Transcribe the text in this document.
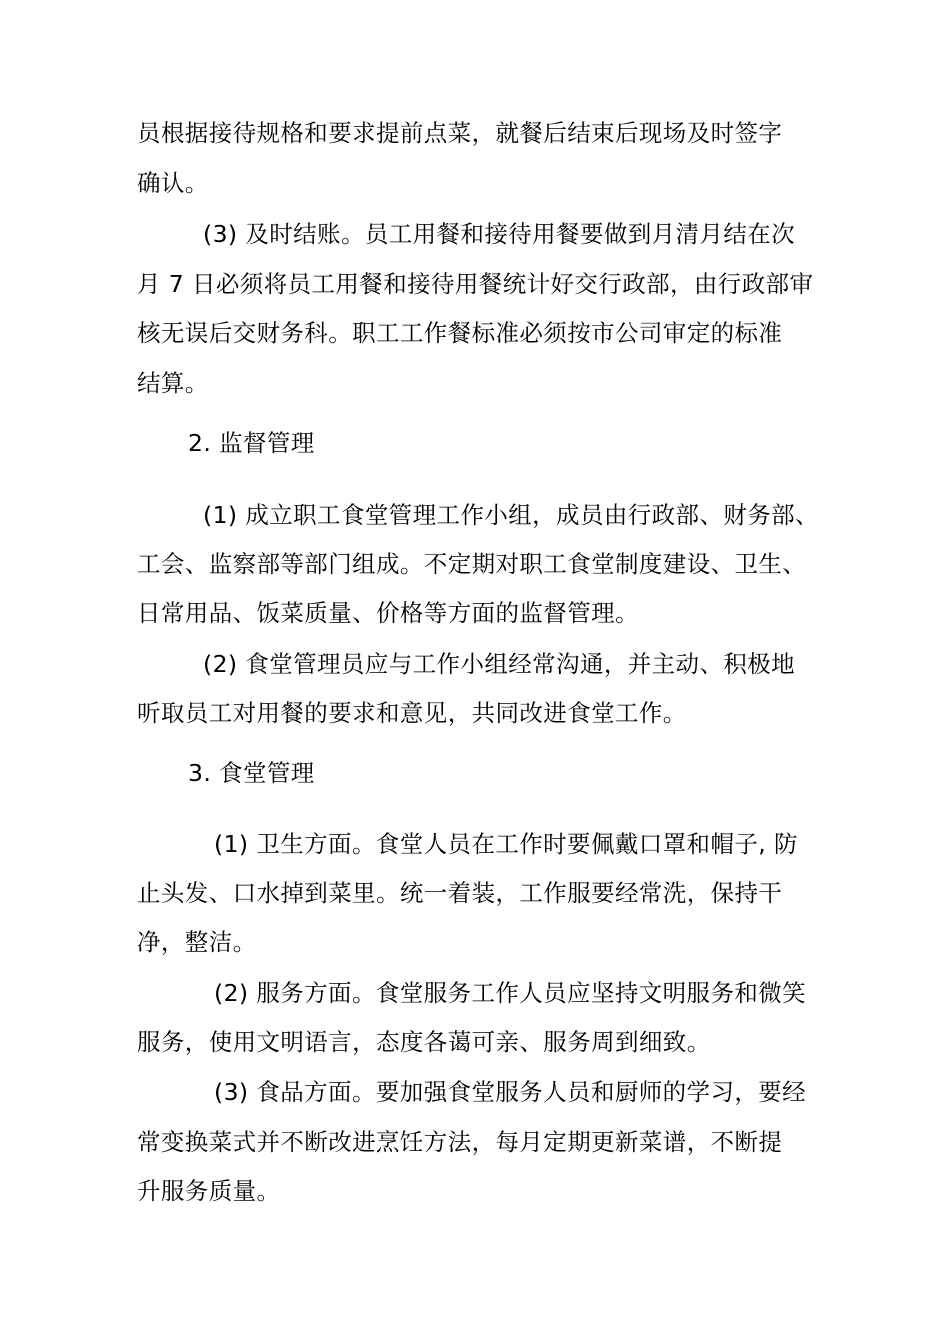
员根据接待规格和要求提前点菜，就餐后结束后现场及时签字
确认。
(3) 及时结账。员工用餐和接待用餐要做到月清月结在次
月 7 日必须将员工用餐和接待用餐统计好交行政部，由行政部审
核无误后交财务科。职工工作餐标准必须按市公司审定的标准
结算。
2. 监督管理
(1) 成立职工食堂管理工作小组，成员由行政部、财务部、
工会、监察部等部门组成。不定期对职工食堂制度建设、卫生、
日常用品、饭菜质量、价格等方面的监督管理。
(2) 食堂管理员应与工作小组经常沟通，并主动、积极地
听取员工对用餐的要求和意见，共同改进食堂工作。
3. 食堂管理
(1) 卫生方面。食堂人员在工作时要佩戴口罩和帽子, 防
止头发、口水掉到菜里。统一着装，工作服要经常洗，保持干
净，整洁。
(2) 服务方面。食堂服务工作人员应坚持文明服务和微笑
服务，使用文明语言，态度各蔼可亲、服务周到细致。
(3) 食品方面。要加强食堂服务人员和厨师的学习，要经
常变换菜式并不断改进烹饪方法，每月定期更新菜谱，不断提
升服务质量。
